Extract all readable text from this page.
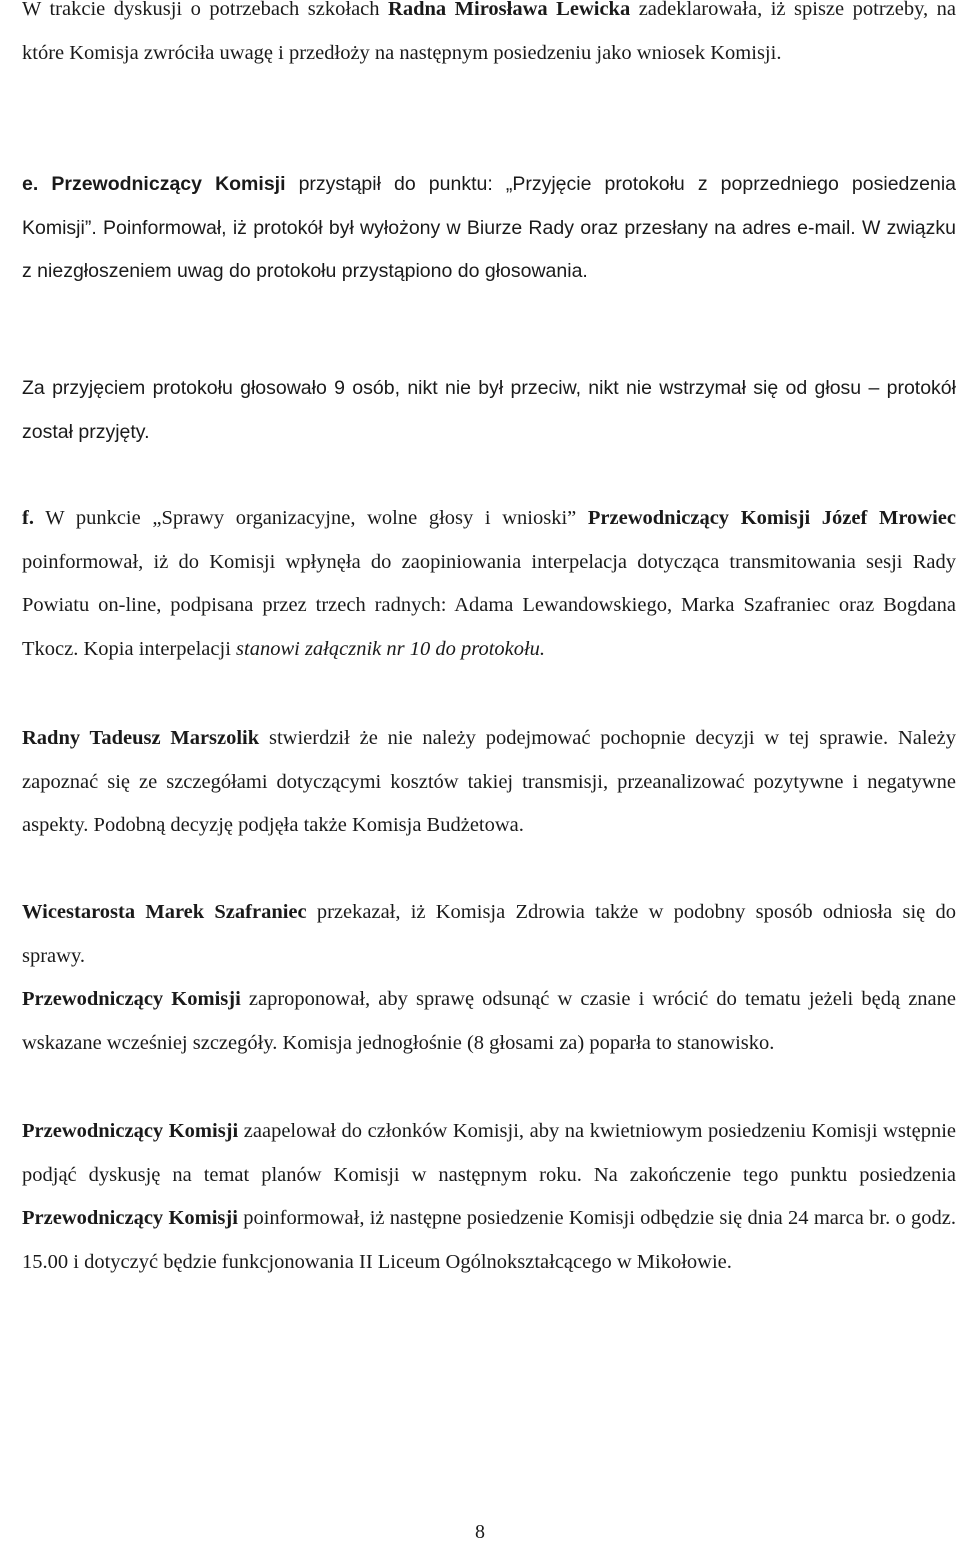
W trakcie dyskusji o potrzebach szkołach Radna Mirosława Lewicka zadeklarowała, iż spisze potrzeby, na które Komisja zwróciła uwagę i przedłoży na następnym posiedzeniu jako wniosek Komisji.

e. Przewodniczący Komisji przystąpił do punktu: „Przyjęcie protokołu z poprzedniego posiedzenia Komisji”. Poinformował, iż protokół był wyłożony w Biurze Rady oraz przesłany na adres e-mail. W związku z niezgłoszeniem uwag do protokołu przystąpiono do głosowania.

Za przyjęciem protokołu głosowało 9 osób, nikt nie był przeciw, nikt nie wstrzymał się od głosu – protokół został przyjęty.

f. W punkcie „Sprawy organizacyjne, wolne głosy i wnioski” Przewodniczący Komisji Józef Mrowiec poinformował, iż do Komisji wpłynęła do zaopiniowania interpelacja dotycząca transmitowania sesji Rady Powiatu on-line, podpisana przez trzech radnych: Adama Lewandowskiego, Marka Szafraniec oraz Bogdana Tkocz. Kopia interpelacji stanowi załącznik nr 10 do protokołu.

Radny Tadeusz Marszolik stwierdził że nie należy podejmować pochopnie decyzji w tej sprawie. Należy zapoznać się ze szczegółami dotyczącymi kosztów takiej transmisji, przeanalizować pozytywne i negatywne aspekty. Podobną decyzję podjęła także Komisja Budżetowa.

Wicestarosta Marek Szafraniec przekazał, iż Komisja Zdrowia także w podobny sposób odniosła się do sprawy.

Przewodniczący Komisji zaproponował, aby sprawę odsunąć w czasie i wrócić do tematu jeżeli będą znane wskazane wcześniej szczegóły. Komisja jednogłośnie (8 głosami za) poparła to stanowisko.

Przewodniczący Komisji zaapelował do członków Komisji, aby na kwietniowym posiedzeniu Komisji wstępnie podjąć dyskusję na temat planów Komisji w następnym roku. Na zakończenie tego punktu posiedzenia Przewodniczący Komisji poinformował, iż następne posiedzenie Komisji odbędzie się dnia 24 marca br. o godz. 15.00 i dotyczyć będzie funkcjonowania II Liceum Ogólnokształcącego w Mikołowie.

8
